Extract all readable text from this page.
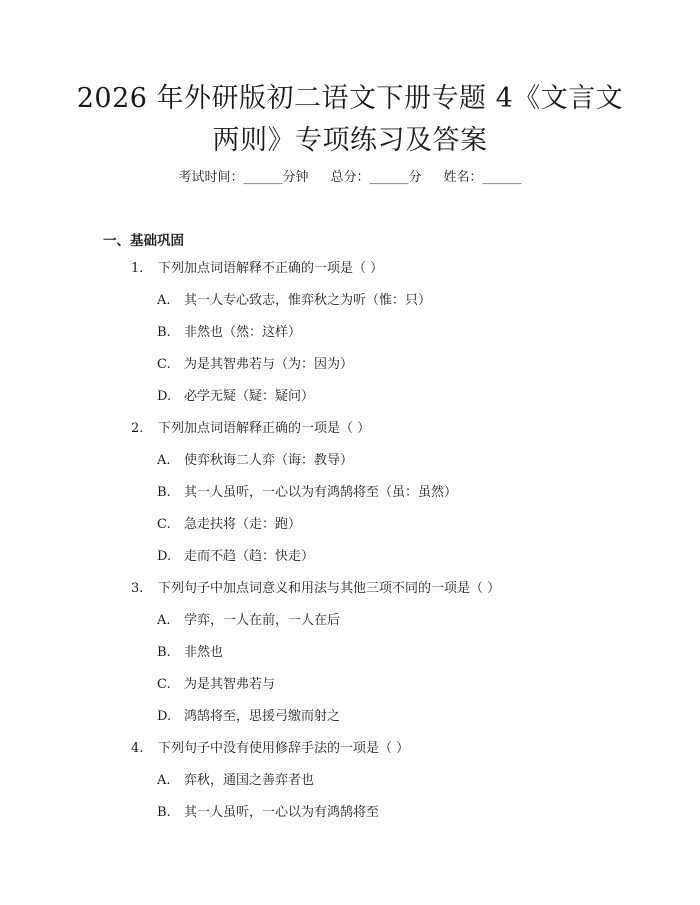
2026 年外研版初二语文下册专题 4《文言文
两则》专项练习及答案
考试时间：______分钟 总分：______分 姓名：______
一、基础巩固
1. 下列加点词语解释不正确的一项是（ ）
A. 其一人专心致志，惟弈秋之为听（惟：只）
B. 非然也（然：这样）
C. 为是其智弗若与（为：因为）
D. 必学无疑（疑：疑问）
2. 下列加点词语解释正确的一项是（ ）
A. 使弈秋诲二人弈（诲：教导）
B. 其一人虽听，一心以为有鸿鹄将至（虽：虽然）
C. 急走扶将（走：跑）
D. 走而不趋（趋：快走）
3. 下列句子中加点词意义和用法与其他三项不同的一项是（ ）
A. 学弈，一人在前，一人在后
B. 非然也
C. 为是其智弗若与
D. 鸿鹄将至，思援弓缴而射之
4. 下列句子中没有使用修辞手法的一项是（ ）
A. 弈秋，通国之善弈者也
B. 其一人虽听，一心以为有鸿鹄将至
